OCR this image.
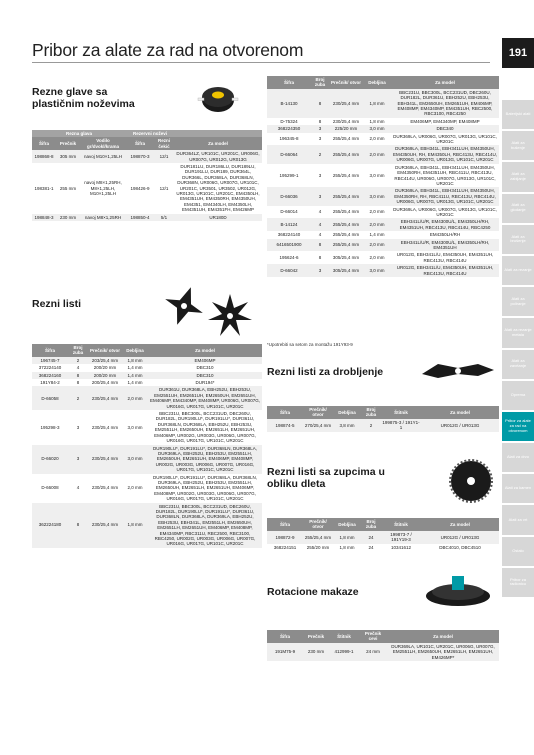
Pribor za alate za rad na otvorenom	191
Baterijski alati
Alati za bušenje
Alati za zabijanje
Alati za glodanje
Alati za brušenje
Alati za rezanje
Alati za poliranje
Alati za rezanje metala
Alati za zavrtanje
Oprema
Pribor za alate za rad na otvorenom
Alati za drvo
Alati za kamen
Alati za vrt
Ostalo
Pribor za radionicu
Rezne glave sa plastičnim noževima
Rezna glava			Rezervni noževi		
Šifra	Prečnik	Vodilo gr/dvokl/krama	Šifra	Rezni čekić	Za model
198868-8	305 mm	navoj M10×1,25LH	198870-3	12/1	DUR364LZ, UR101C, UR201C, UR006G, UR007G, UR012G, UR013G
198381-1	255 mm	navoj M8×1,25RH, M8×1,25LH, M10×1,25LH	198426-9	12/1	DUR181LU, DUR186LU, DUR189LU, DUR191LU, DUR189, DUR364L, DUR366L, DUR368LA, DUR368LN, DUR368N, UR006G, UR007G, UR101C, UR201C, UR3501, UR3502, UR012G, UR013G, UR101C, UR201C, EM4350LH, EM4351UH, EM4350RH, EM4350UH, EM4351, EM4340LH, EM4350LH, EM4351UH, EM4351FH, EM426MP
198848-3	230 mm	navoj M8×1,25RH	198850-4	5/1	UR180D
Rezni listi
Šifra	Broj zuba	Prečnik/ otvor	Debljina	Za model
196745-7	2	203/25,4 mm	1,8 mm	EM406MP
372224140	4	200/20 mm	1,4 mm	DBC310
368224160	8	200/20 mm	1,4 mm	DBC310
191Y84-2	8	200/25,4 mm	1,4 mm	DUR194*
D-66058	2	230/25,4 mm	2,0 mm	DUR361U, DUR368LA, EBH252U, EBH253U, EM2551UH, EM2651UH, EM2650UH, EM2651UH, EM406MP, EM4340MP, EM408MP, UR006G, UR007G, UR016G, UR017G, UR101C, UR201C
195298-3	3	230/25,4 mm	3,0 mm	BBC231U, BBC300L, BCC231UD, DBC260U, DUR182L, DUR190LU*, DUR191LU*, DUR361U, DUR368LN, DUR368LA, EBH252U, EBH253U, EM2551LH, EM2650UH, EM2651LH, EM2651UH, EM406MP, UR002G, UR003G, UR006G, UR007G, UR016G, UR017G, UR101C, UR201C
D-66020	3	230/25,4 mm	3,0 mm	DUR190LU*, DUR191LU*, DUR368LN, DUR368LA, DUR369LA, EBH252U, EBH253U, EM2551LH, EM2650UH, EM2651UH, EM406MP, EM408MP, UR002G, UR003G, UR006G, UR007G, UR016G, UR017G, UR101C, UR201C
D-66008	4	230/25,4 mm	2,0 mm	DUR190LU*, DUR191LU*, DUR368LA, DUR368LN, DUR369LA, EBH252U, EBH253U, EM2551LH, EM2650UH, EM2651LH, EM2651UH, EM406MP, EM408MP, UR002G, UR003G, UR006G, UR007G, UR016G, UR017G, UR101C, UR201C
362224180	8	230/25,4 mm	1,8 mm	BBC231U, BBC300L, BCC231UD, DBC260U, DUR182L, DUR190LU*, DUR191LU*, DUR361U, DUR368LN, DUR368LA, DUR369LA, EBH252U, EBH253U, EBH341L, EM2551LH, EM2650UH, EM2651LH, EM2651UH, EM406MP, EM408MP, EM4340MP, RBC311U, RBC2500, RBC3100, RBC4250, UR002G, UR003G, UR006G, UR007G, UR016G, UR017G, UR101C, UR201C
Šifra	Broj zuba	Prečnik/ otvor	Debljina	Za model
B-14130	8	230/25,4 mm	1,8 mm	BBC231U, BBC300L, BCC231UD, DBC260U, DUR182L, DUR361U, EBH252U, EBH253U, EBH341L, EM2650UH, EM2651UH, EM406MP, EM408MP, EM4340MP, EM4351UH, RBC2500, RBC3100, RBC4250
D-75324	8	230/25,4 mm	1,8 mm	EM406MP, EM4340MP, EM408MP
368224350	3	225/20 mm	3,0 mm	DBC340
196345-8	3	255/25,4 mm	2,0 mm	DUR369LA, UR006G, UR007G, UR013G, UR101C, UR201C
D-66064	2	255/25,4 mm	2,0 mm	DUR369LA, EBH341L, EBH341LUH, EM4350UH, EM4350UH, RH, EM4350LH, RBC413U, RBC414U, UR006G, UR007G, UR013G, UR101C, UR201C
195299-1	3	255/25,4 mm	3,0 mm	DUR369LA, EBH341L, EBH341LUH, EM4350UH, EM4350RH, EM4351UH, RBC411U, RBC413U, RBC414U, UR006G, UR007G, UR013G, UR101C, UR201C
D-66036	3	255/25,4 mm	3,0 mm	DUR369LA, EBH341L, EBH341LUH, EM4350UH, EM4350RH, RH, RBC411U, RBC413U, RBC414U, UR006G, UR007G, UR013G, UR101C, UR201C
D-66014	4	255/25,4 mm	2,0 mm	DUR369LA, UR006G, UR007G, UR013G, UR101C, UR201C
B-14124	4	255/25,4 mm	2,0 mm	EBH341L/U/R, EM4300U/L, EM4350LH/RH, EM4351UH, RBC413U, RBC414U, RBC4250
368224140	4	255/25,4 mm	1,4 mm	EM4350LH/RH
6416501900	8	255/25,4 mm	2,0 mm	EBH341L/U/R, EM4300U/L, EM4350LH/RH, EM4351UH
195624-6	8	305/25,4 mm	2,0 mm	UR012G, EBH341L/U, EM4350UH, EM4351UH, RBC413U, RBC414U
D-66042	3	305/25,4 mm	3,0 mm	UR012G, EBH341L/U, EM4350UH, EM4351UH, RBC413U, RBC414U
*Upotrebiti sa setom za montažu 191Y93-9
Rezni listi za drobljenje
Šifra	Prečnik/ otvor	Debljina	Broj zuba	Štitnik	Za model
198874-5	270/25,4 mm	3,8 mm	2	199875-3 / 191Y1-1	UR012G / UR013G
Rezni listi sa zupcima u obliku dleta
Šifra	Prečnik/ otvor	Debljina	Broj zuba	Štitnik	Za model
198872-9	255/25,4 mm	1,8 mm	24	199873-7 / 191Y19-3	UR012G / UR013G
368224151	255/20 mm	1,8 mm	24	10341612	DBC4010, DBC4510
Rotacione makaze
Šifra	Prečnik	Štitnik	Prečnik cevi	Za model
191M75-9	230 mm	412999-1	24 mm	DUR369LA, UR101C, UR201C, UR006G, UR007G, EM2551LH, EM2650UH, EM2651LH, EM2651UH, EM426MP*
